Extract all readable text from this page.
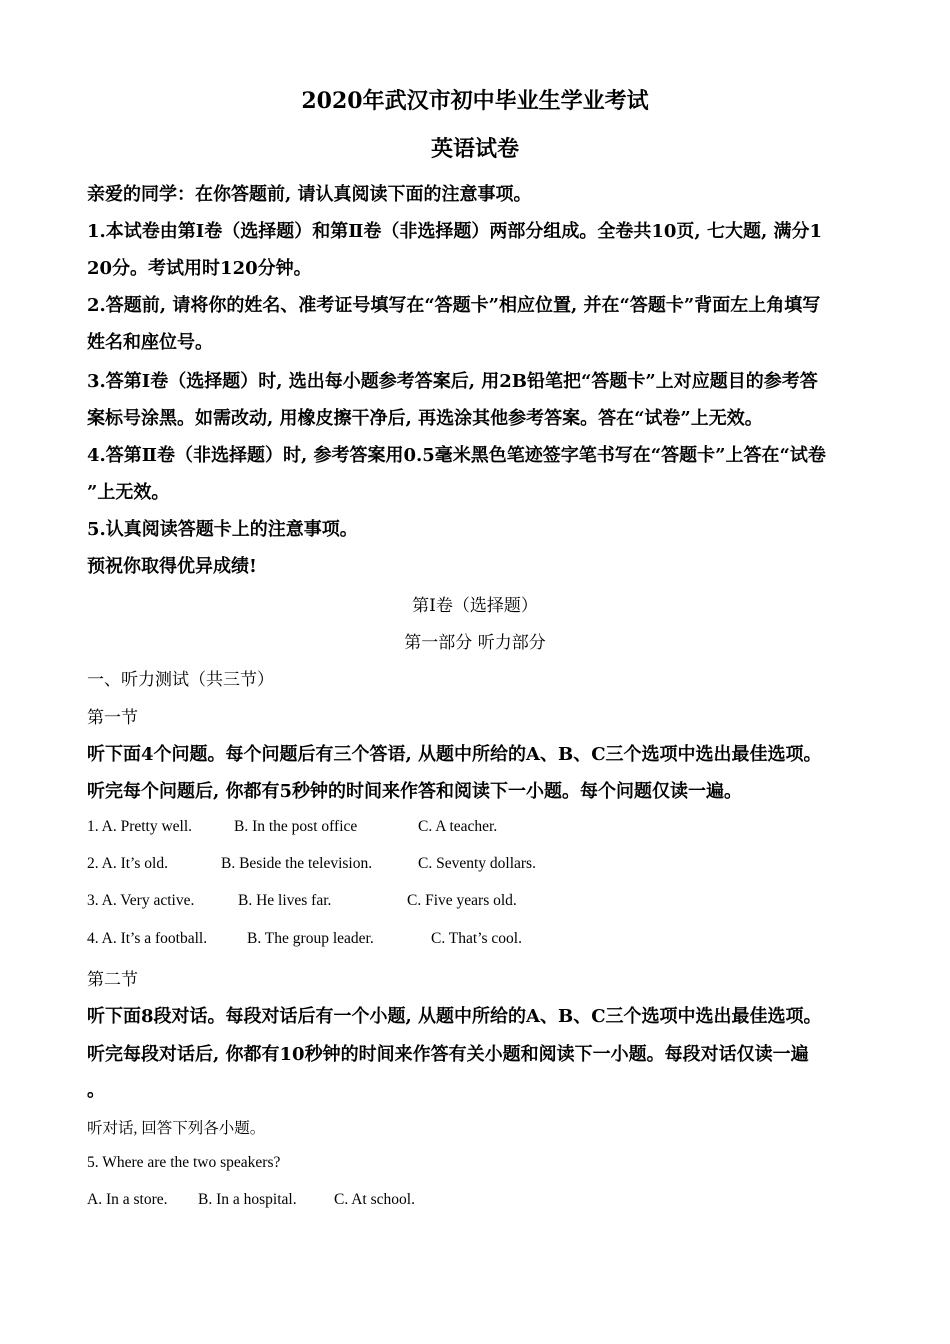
2020年武汉市初中毕业生学业考试
英语试卷
亲爱的同学：在你答题前, 请认真阅读下面的注意事项。
1.本试卷由第Ⅰ卷（选择题）和第Ⅱ卷（非选择题）两部分组成。全卷共10页, 七大题, 满分1
20分。考试用时120分钟。
2.答题前, 请将你的姓名、准考证号填写在“答题卡”相应位置, 并在“答题卡”背面左上角填写
姓名和座位号。
3.答第Ⅰ卷（选择题）时, 选出每小题参考答案后, 用2B铅笔把“答题卡”上对应题目的参考答
案标号涂黑。如需改动, 用橡皮擦干净后, 再选涂其他参考答案。答在“试卷”上无效。
4.答第Ⅱ卷（非选择题）时, 参考答案用0.5毫米黑色笔迹签字笔书写在“答题卡”上答在“试卷
”上无效。
5.认真阅读答题卡上的注意事项。
预祝你取得优异成绩!
第Ⅰ卷（选择题）
第一部分 听力部分
一、听力测试（共三节）
第一节
听下面4个问题。每个问题后有三个答语, 从题中所给的A、B、C三个选项中选出最佳选项。
听完每个问题后, 你都有5秒钟的时间来作答和阅读下一小题。每个问题仅读一遍。
1. A. Pretty well.	B. In the post office	C. A teacher.
2. A. It’s old.	B. Beside the television.	C. Seventy dollars.
3. A. Very active.	B. He lives far.	C. Five years old.
4. A. It’s a football.	B. The group leader.	C. That’s cool.
第二节
听下面8段对话。每段对话后有一个小题, 从题中所给的A、B、C三个选项中选出最佳选项。
听完每段对话后, 你都有10秒钟的时间来作答有关小题和阅读下一小题。每段对话仅读一遍
。
听对话, 回答下列各小题。
5. Where are the two speakers?
A. In a store. B. In a hospital. C. At school.
